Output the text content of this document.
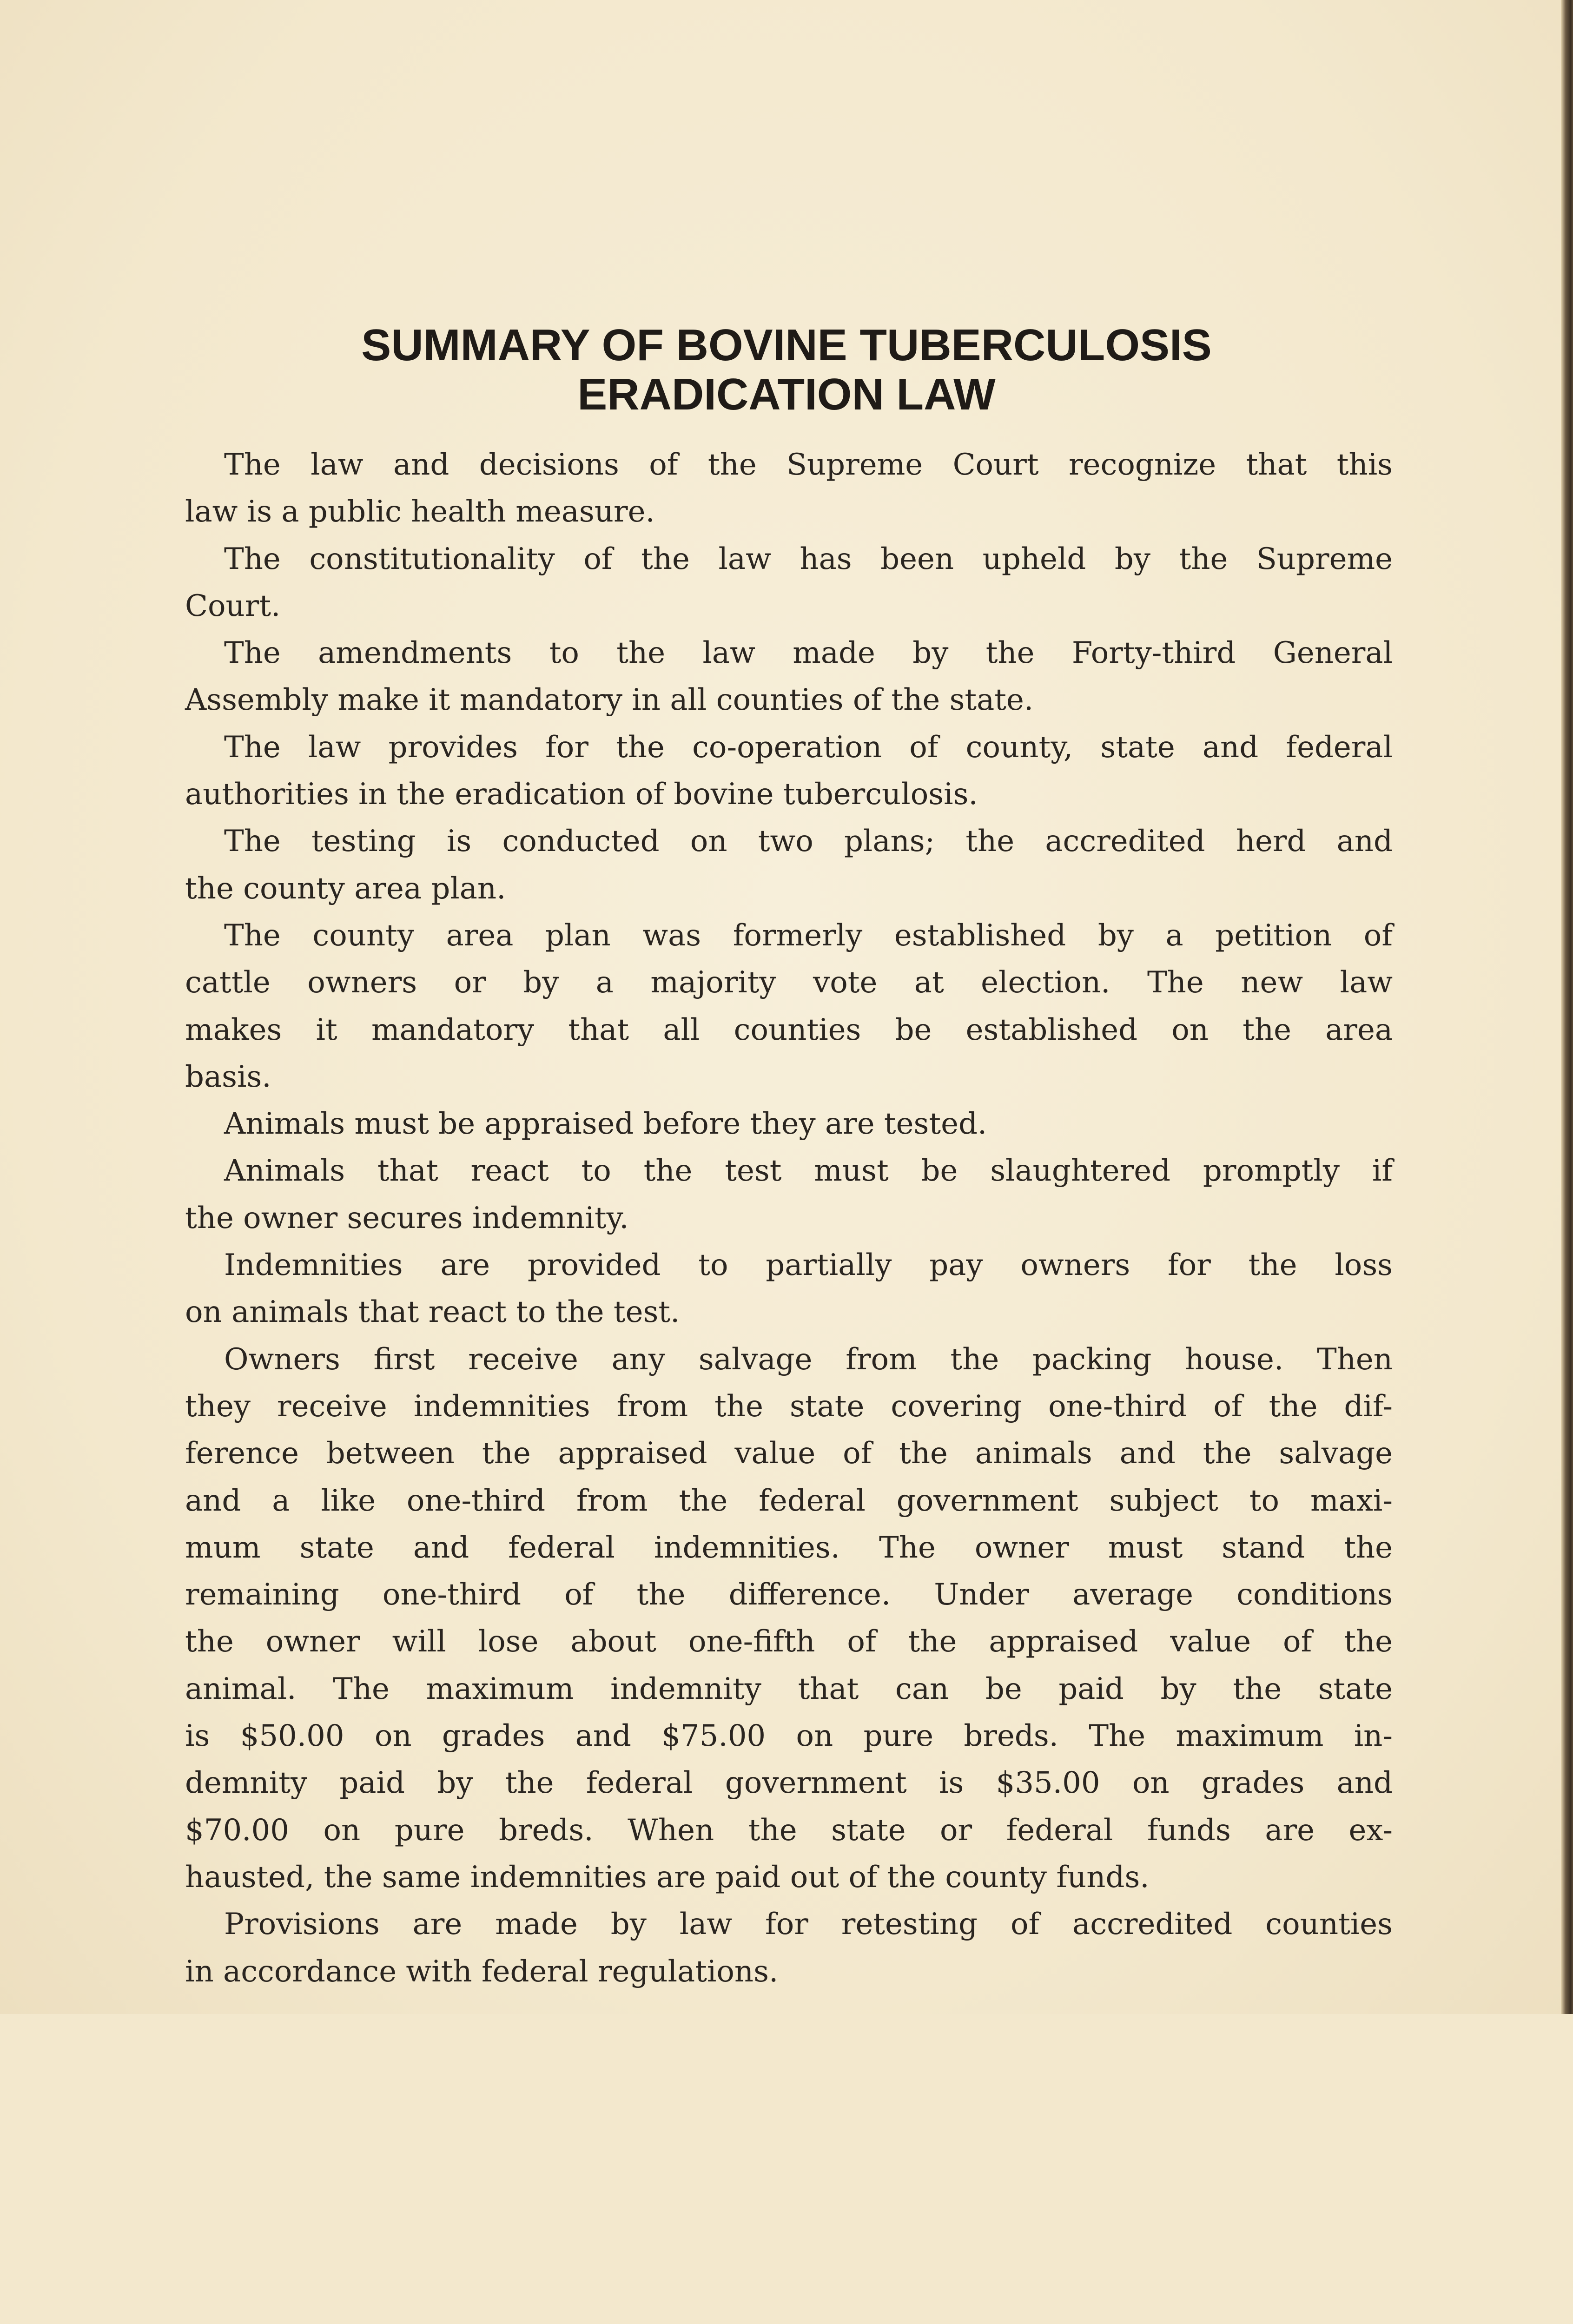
SUMMARY OF BOVINE TUBERCULOSIS
ERADICATION LAW
The law and decisions of the Supreme Court recognize that this
law is a public health measure.
The constitutionality of the law has been upheld by the Supreme
Court.
The amendments to the law made by the Forty-third General
Assembly make it mandatory in all counties of the state.
The law provides for the co-operation of county, state and federal
authorities in the eradication of bovine tuberculosis.
The testing is conducted on two plans; the accredited herd and
the county area plan.
The county area plan was formerly established by a petition of
cattle owners or by a majority vote at election. The new law
makes it mandatory that all counties be established on the area
basis.
Animals must be appraised before they are tested.
Animals that react to the test must be slaughtered promptly if
the owner secures indemnity.
Indemnities are provided to partially pay owners for the loss
on animals that react to the test.
Owners first receive any salvage from the packing house. Then
they receive indemnities from the state covering one-third of the dif-
ference between the appraised value of the animals and the salvage
and a like one-third from the federal government subject to maxi-
mum state and federal indemnities. The owner must stand the
remaining one-third of the difference. Under average conditions
the owner will lose about one-fifth of the appraised value of the
animal. The maximum indemnity that can be paid by the state
is $50.00 on grades and $75.00 on pure breds. The maximum in-
demnity paid by the federal government is $35.00 on grades and
$70.00 on pure breds. When the state or federal funds are ex-
hausted, the same indemnities are paid out of the county funds.
Provisions are made by law for retesting of accredited counties
in accordance with federal regulations.
